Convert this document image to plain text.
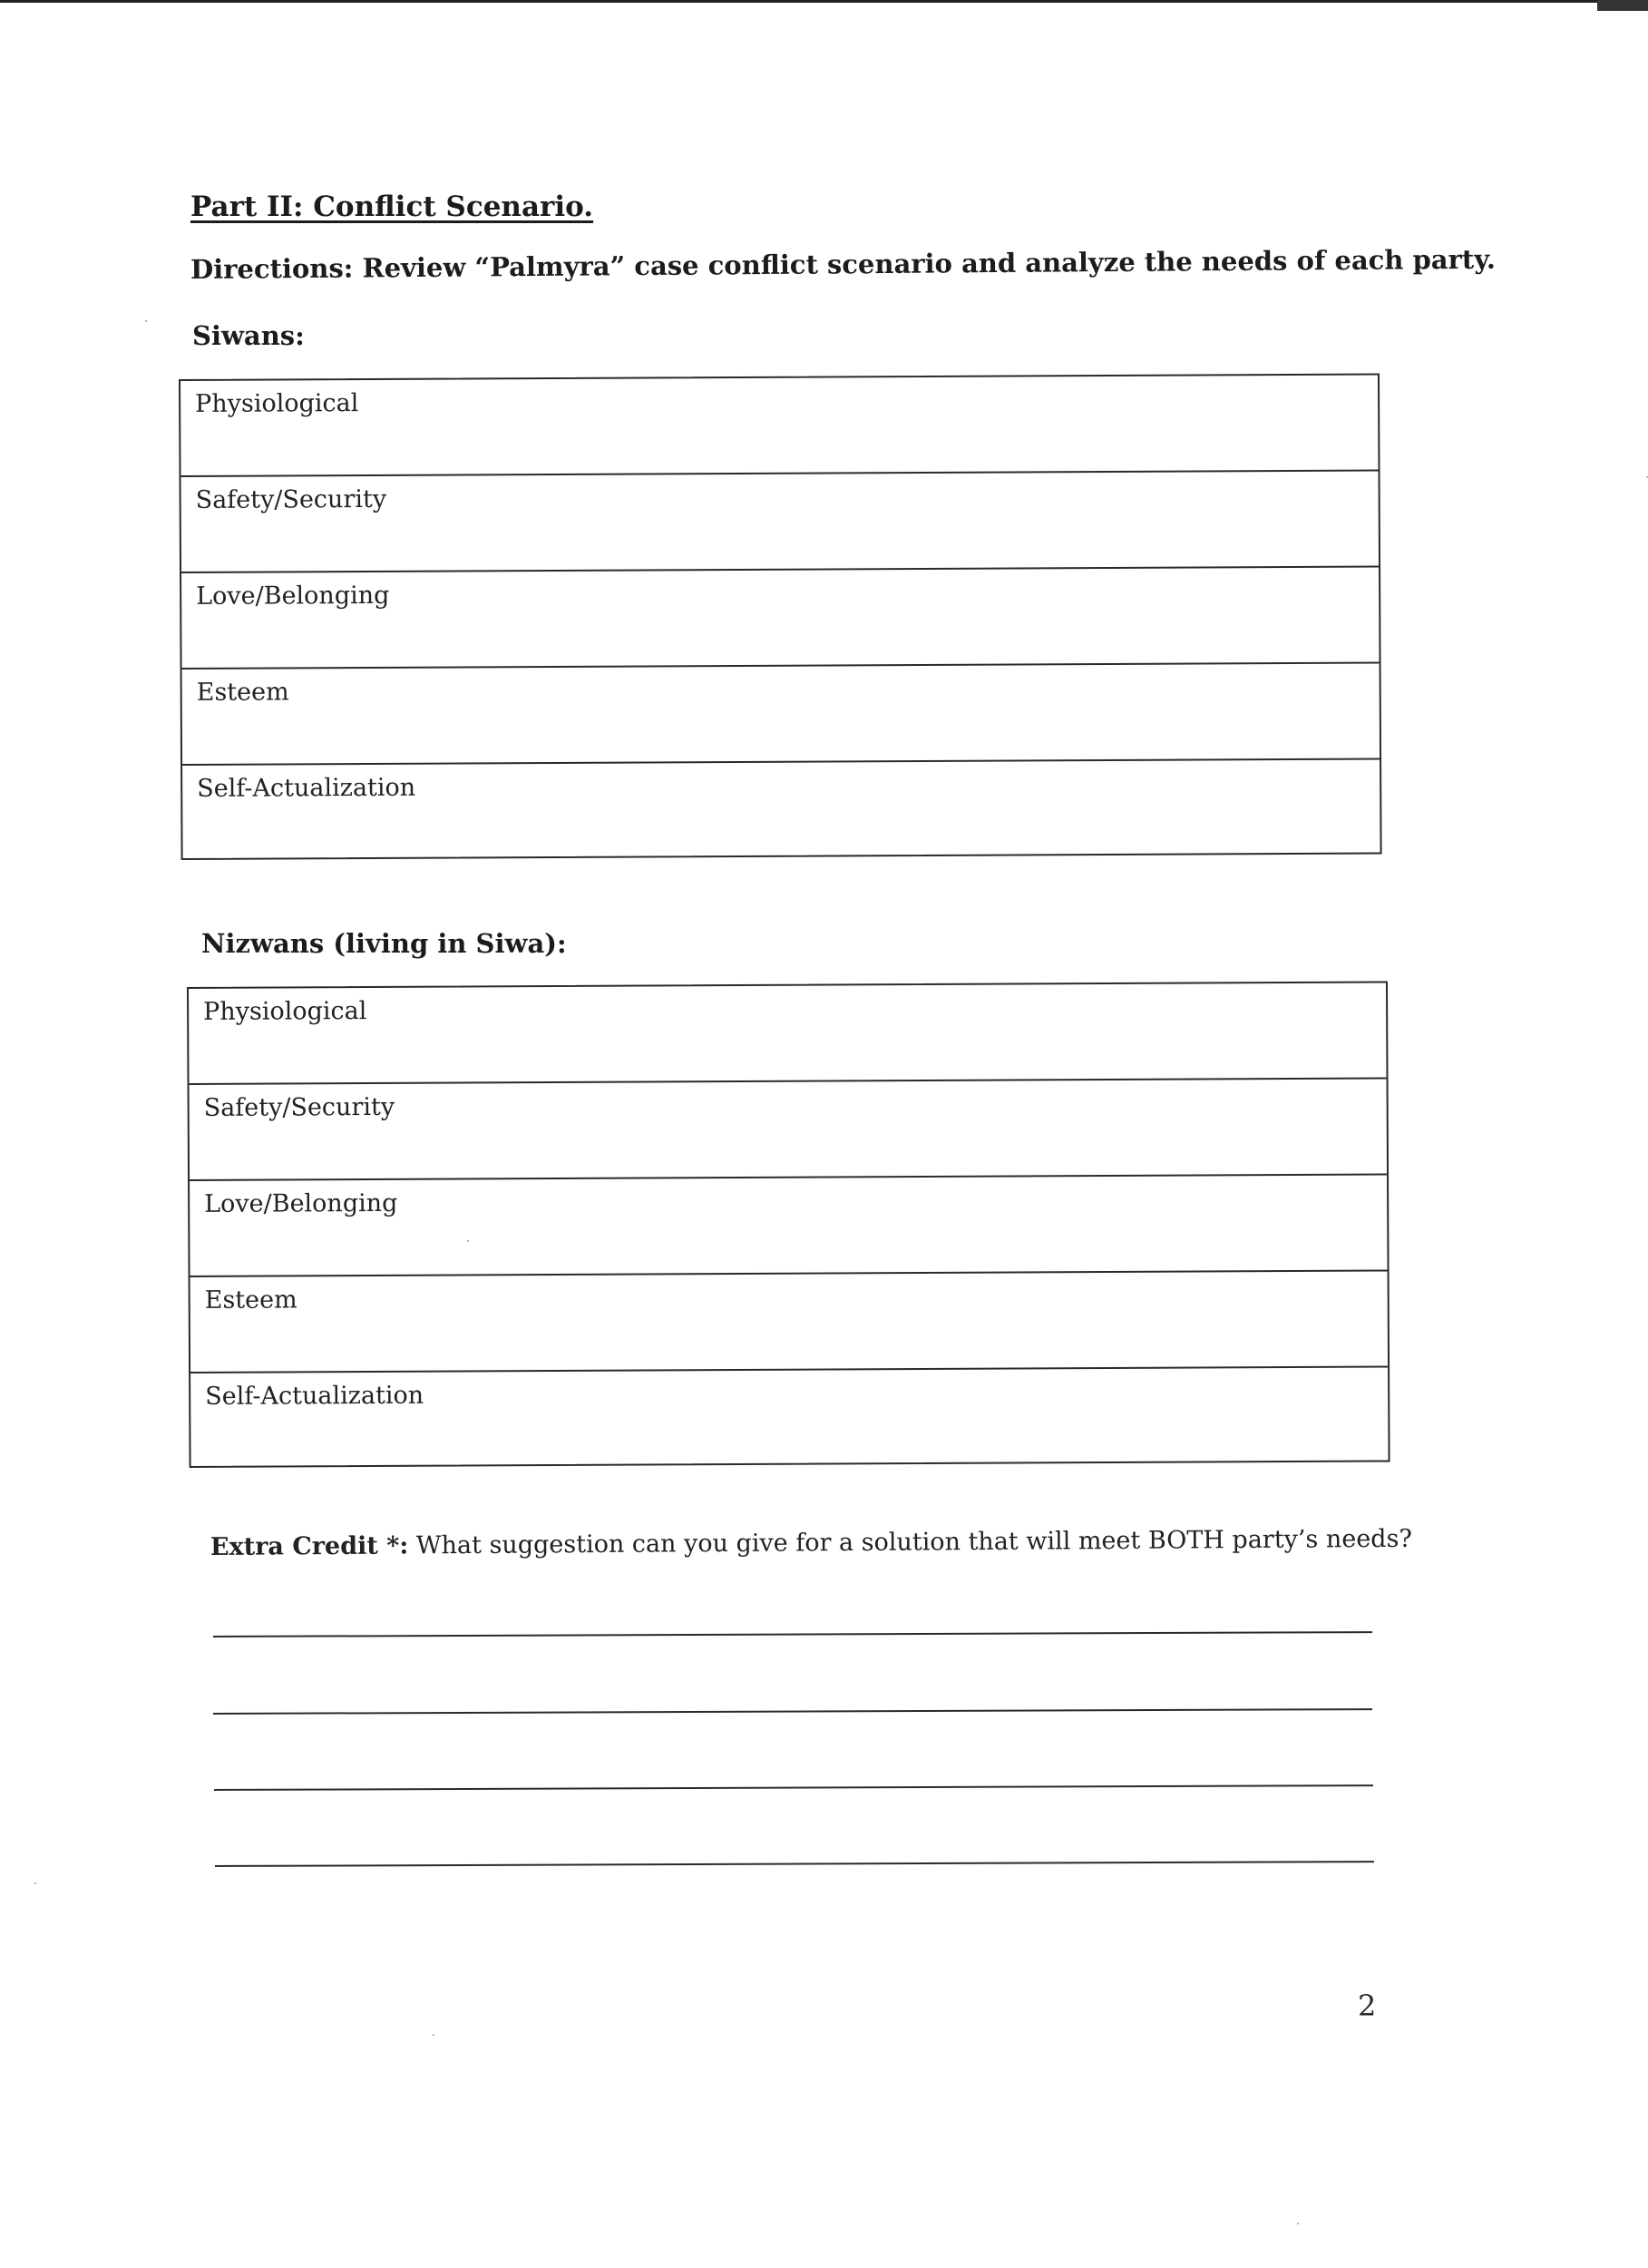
Part II: Conflict Scenario.
Directions: Review “Palmyra” case conflict scenario and analyze the needs of each party.
Siwans:
Physiological
Safety/Security
Love/Belonging
Esteem
Self-Actualization
Nizwans (living in Siwa):
Physiological
Safety/Security
Love/Belonging
Esteem
Self-Actualization
Extra Credit *: What suggestion can you give for a solution that will meet BOTH party’s needs?
2
